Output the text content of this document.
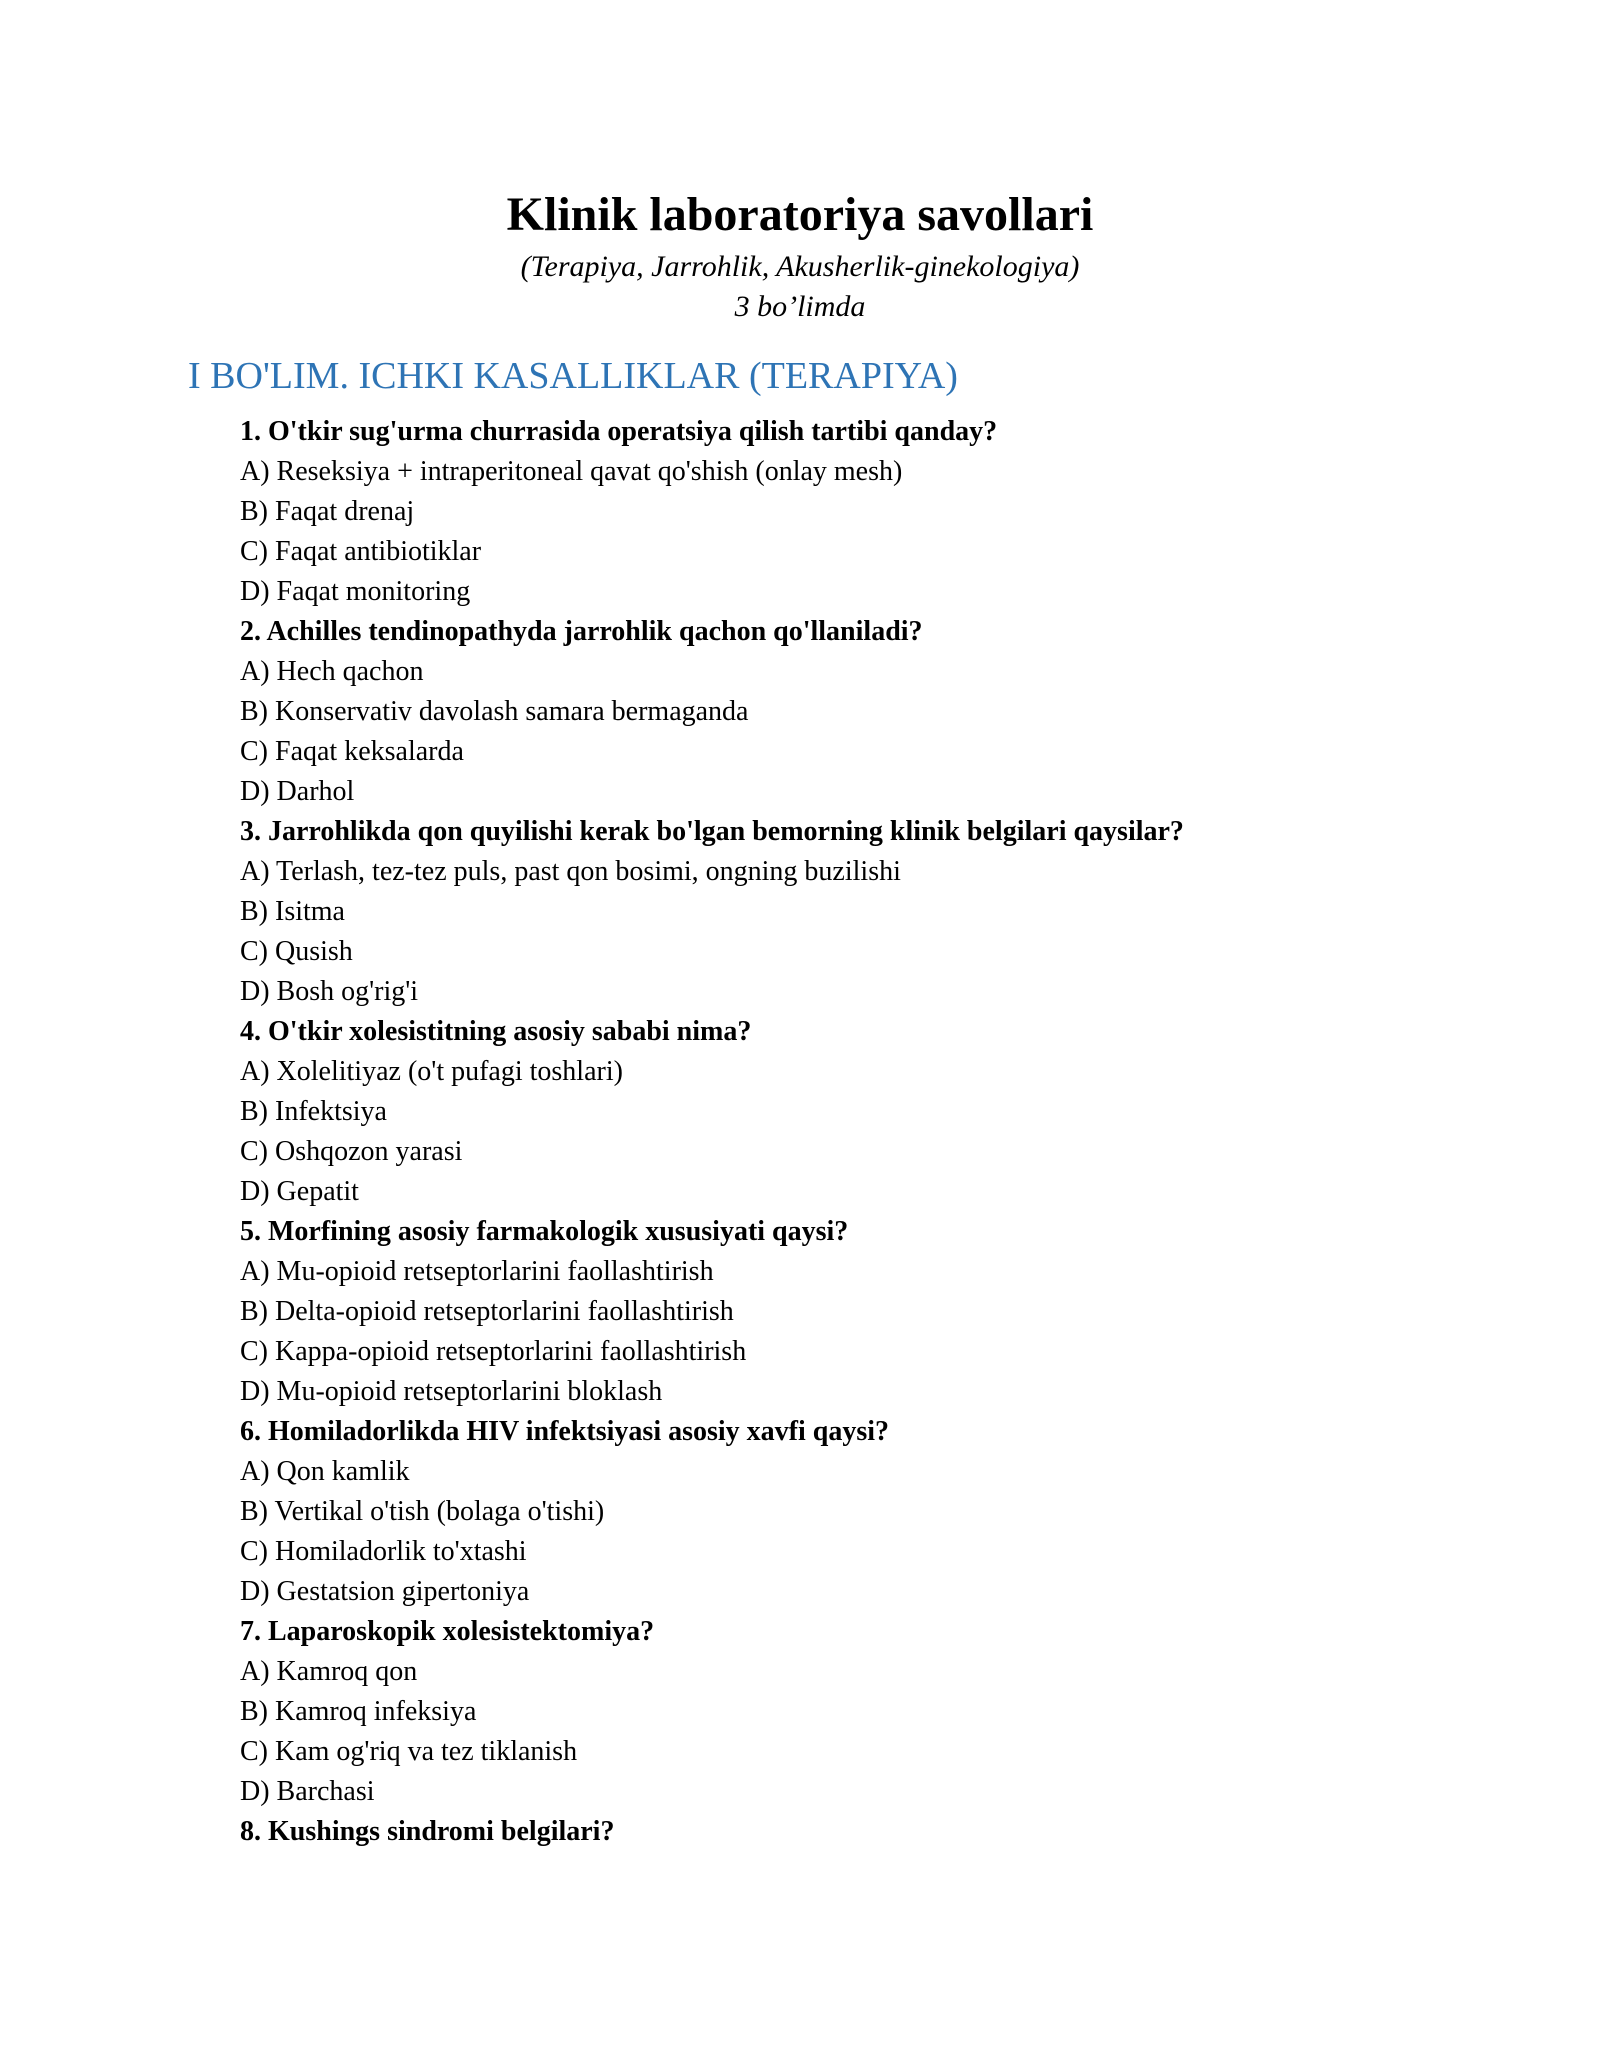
Klinik laboratoriya savollari

(Terapiya, Jarrohlik, Akusherlik-ginekologiya)

3 bo’limda

I BO'LIM. ICHKI KASALLIKLAR (TERAPIYA)
1. O'tkir sug'urma churrasida operatsiya qilish tartibi qanday?
A) Reseksiya + intraperitoneal qavat qo'shish (onlay mesh)
B) Faqat drenaj
C) Faqat antibiotiklar
D) Faqat monitoring
2. Achilles tendinopathyda jarrohlik qachon qo'llaniladi?
A) Hech qachon
B) Konservativ davolash samara bermaganda
C) Faqat keksalarda
D) Darhol
3. Jarrohlikda qon quyilishi kerak bo'lgan bemorning klinik belgilari qaysilar?
A) Terlash, tez-tez puls, past qon bosimi, ongning buzilishi
B) Isitma
C) Qusish
D) Bosh og'rig'i
4. O'tkir xolesistitning asosiy sababi nima?
A) Xolelitiyaz (o't pufagi toshlari)
B) Infektsiya
C) Oshqozon yarasi
D) Gepatit
5. Morfining asosiy farmakologik xususiyati qaysi?
A) Mu-opioid retseptorlarini faollashtirish
B) Delta-opioid retseptorlarini faollashtirish
C) Kappa-opioid retseptorlarini faollashtirish
D) Mu-opioid retseptorlarini bloklash
6. Homiladorlikda HIV infektsiyasi asosiy xavfi qaysi?
A) Qon kamlik
B) Vertikal o'tish (bolaga o'tishi)
C) Homiladorlik to'xtashi
D) Gestatsion gipertoniya
7. Laparoskopik xolesistektomiya?
A) Kamroq qon
B) Kamroq infeksiya
C) Kam og'riq va tez tiklanish
D) Barchasi
8. Kushings sindromi belgilari?
